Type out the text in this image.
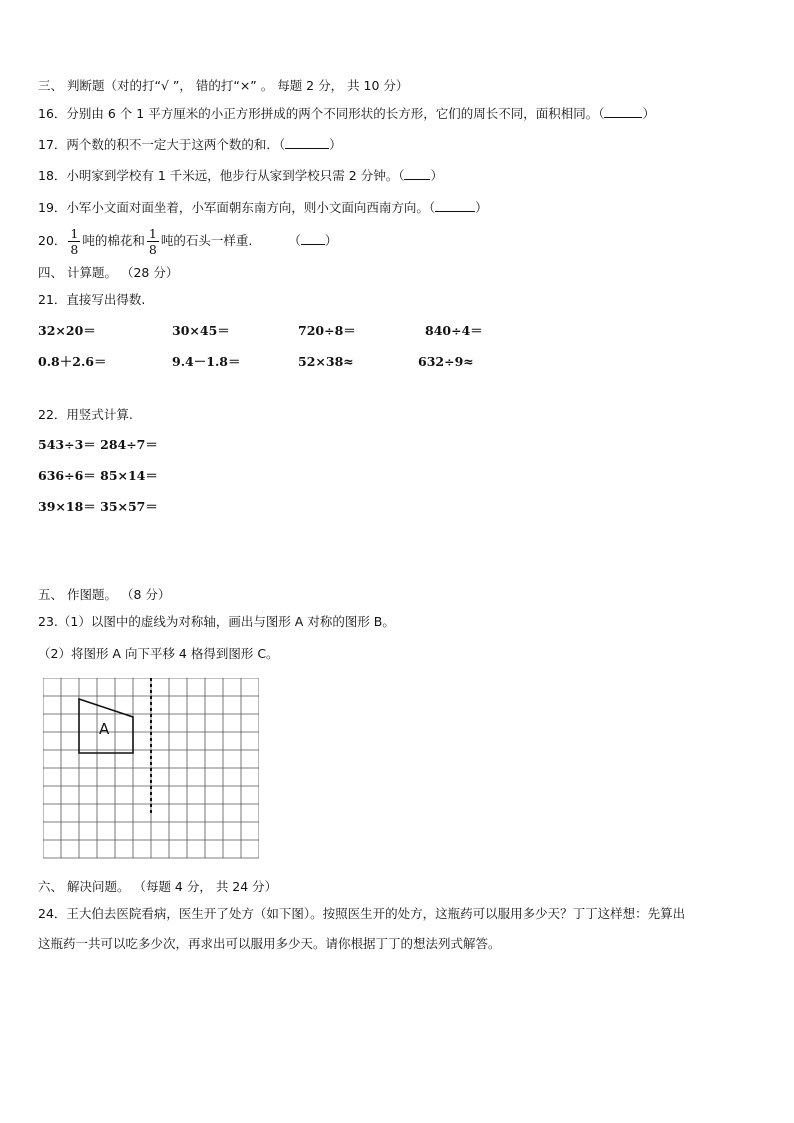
三、 判断题（对的打“√ ”， 错的打“×” 。 每题 2 分， 共 10 分）
16．分别由 6 个 1 平方厘米的小正方形拼成的两个不同形状的长方形，它们的周长不同，面积相同。（	）
17．两个数的积不一定大于这两个数的和．（	）
18．小明家到学校有 1 千米远，他步行从家到学校只需 2 分钟。（ ）
19．小军小文面对面坐着，小军面朝东南方向，则小文面向西南方向。（	）
20． $\frac{1}{8}$ 吨的棉花和 $\frac{1}{8}$ 吨的石头一样重.	（ ）
四、 计算题。 （28 分）
21．直接写出得数.
32×20＝	30×45＝	720÷8＝	840÷4＝
0.8＋2.6＝	9.4－1.8＝	52×38≈	632÷9≈
22．用竖式计算.
543÷3＝ 284÷7＝
636÷6＝ 85×14＝
39×18＝ 35×57＝
五、 作图题。 （8 分）
23.（1）以图中的虚线为对称轴，画出与图形 A 对称的图形 B。
（2）将图形 A 向下平移 4 格得到图形 C。
A
六、 解决问题。 （每题 4 分， 共 24 分）
24．王大伯去医院看病，医生开了处方（如下图）。按照医生开的处方，这瓶药可以服用多少天？丁丁这样想：先算出
这瓶药一共可以吃多少次，再求出可以服用多少天。请你根据丁丁的想法列式解答。
